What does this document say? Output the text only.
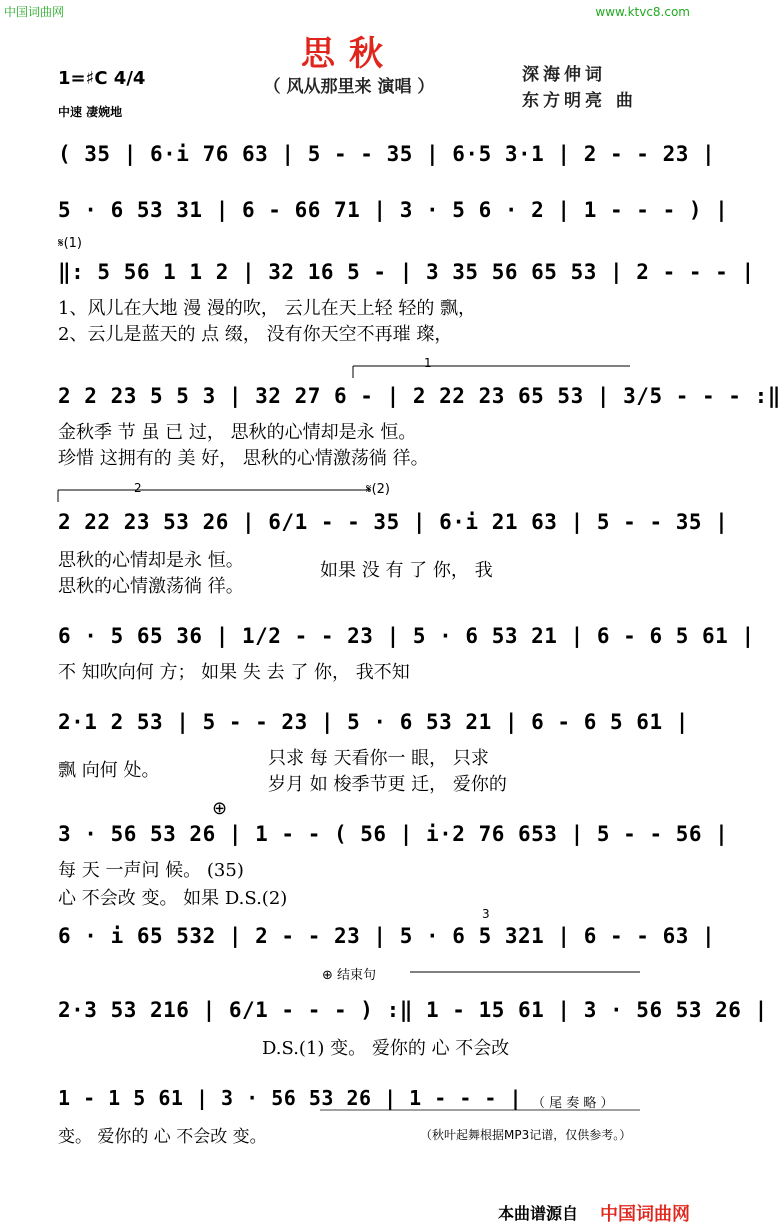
中国词曲网	www.ktvc8.com
思秋
（ 风从那里来 演唱 ）
深海伸词
东方明亮 曲
1=♯C 4/4
中速 凄婉地
( 35 | 6·i 76 63 | 5 - - 35 | 6·5 3·1 | 2 - - 23 |
5 · 6 53 31 | 6 - 66 71 | 3 · 5 6 · 2 | 1 - - - ) |
𝄋(1)
‖: 5 56 1 1 2 | 32 16 5 - | 3 35 56 65 53 | 2 - - - |
1、风儿在大地 漫 漫的吹， 云儿在天上轻 轻的 飘，
2、云儿是蓝天的 点 缀， 没有你天空不再璀 璨，
1
2 2 23 5 5 3 | 32 27 6 - | 2 22 23 65 53 | 3/5 - - - :‖
金秋季 节 虽 已 过， 思秋的心情却是永 恒。
珍惜 这拥有的 美 好， 思秋的心情激荡徜 徉。
2	𝄋(2)
2 22 23 53 26 | 6/1 - - 35 | 6·i 21 63 | 5 - - 35 |
思秋的心情却是永 恒。
思秋的心情激荡徜 徉。
如果 没 有 了 你， 我
6 · 5 65 36 | 1/2 - - 23 | 5 · 6 53 21 | 6 - 6 5 61 |
不 知吹向何 方； 如果 失 去 了 你， 我不知
2·1 2 53 | 5 - - 23 | 5 · 6 53 21 | 6 - 6 5 61 |
飘 向何 处。
只求 每 天看你一 眼， 只求
岁月 如 梭季节更 迁， 爱你的
⊕
3 · 56 53 26 | 1 - - ( 56 | i·2 76 653 | 5 - - 56 |
每 天 一声问 候。 (35)
心 不会改 变。 如果 D.S.(2)
3
6 · i 65 532 | 2 - - 23 | 5 · 6 5 321 | 6 - - 63 |
⊕ 结束句
2·3 53 216 | 6/1 - - - ) :‖ 1 - 15 61 | 3 · 56 53 26 |
D.S.(1) 变。 爱你的 心 不会改
1 - 1 5 61 | 3 · 56 53 26 | 1 - - - | （ 尾 奏 略 ）
变。 爱你的 心 不会改 变。	（秋叶起舞根据MP3记谱，仅供参考。）
本曲谱源自 中国词曲网
